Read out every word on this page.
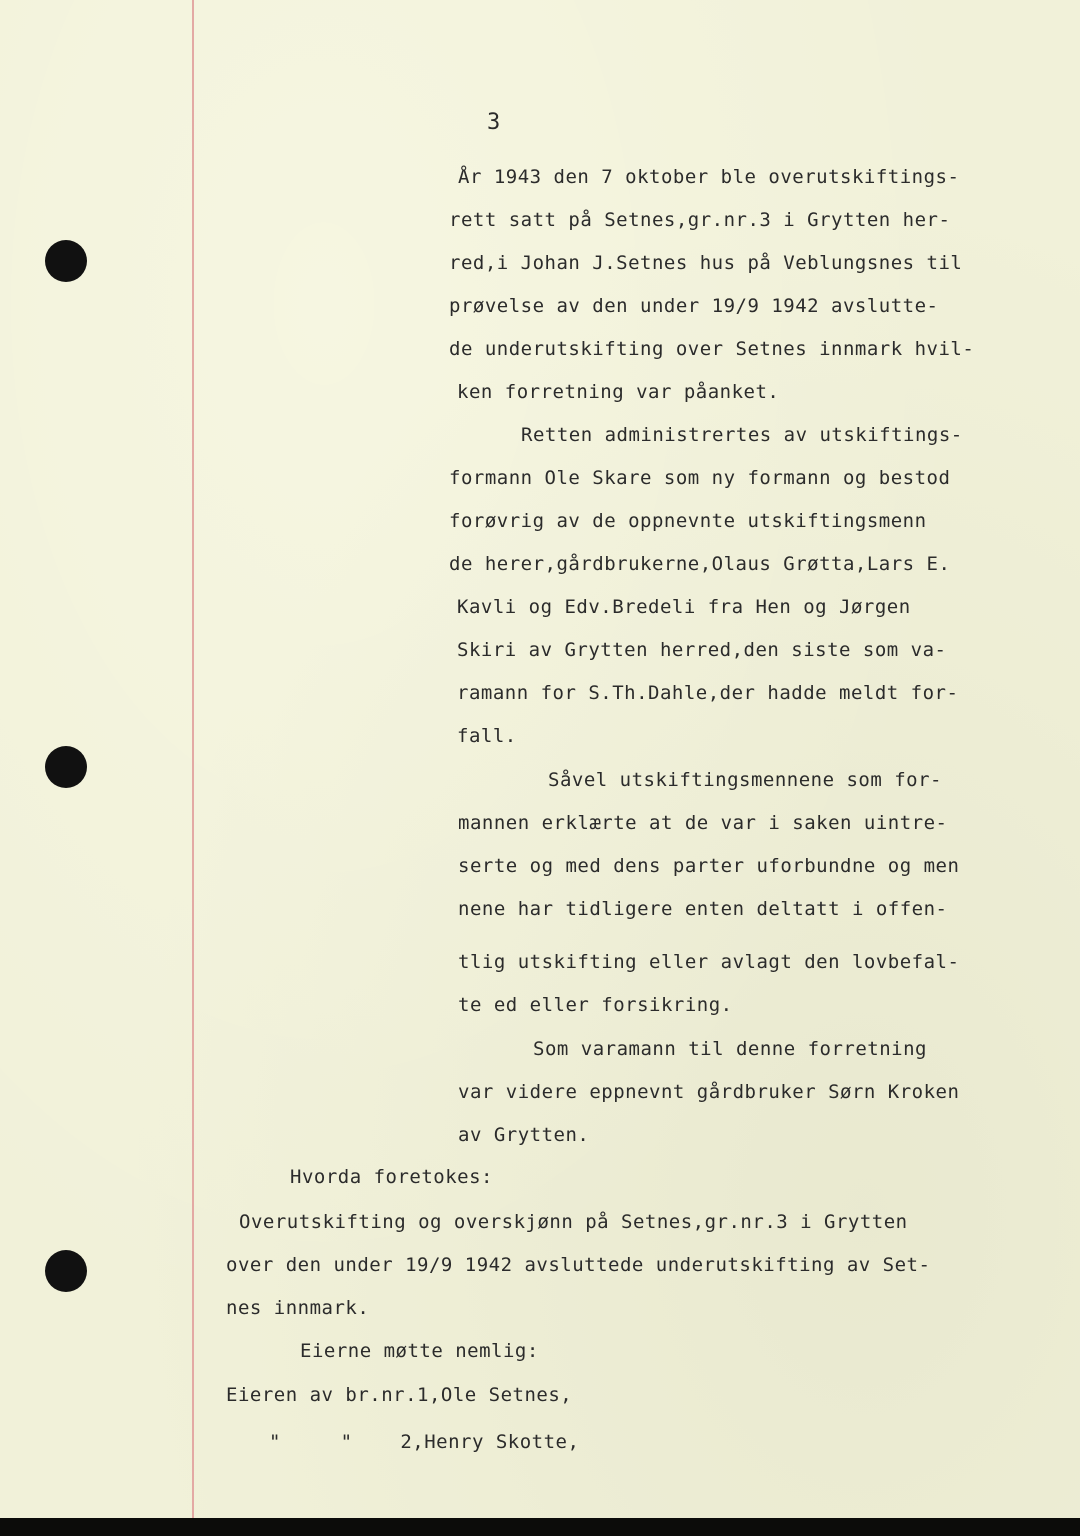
3
År 1943 den 7 oktober ble overutskiftings-
rett satt på Setnes,gr.nr.3 i Grytten her-
red,i Johan J.Setnes hus på Veblungsnes til
prøvelse av den under 19/9 1942 avslutte-
de underutskifting over Setnes innmark hvil-
ken forretning var påanket.
Retten administrertes av utskiftings-
formann Ole Skare som ny formann og bestod
forøvrig av de oppnevnte utskiftingsmenn
de herer,gårdbrukerne,Olaus Grøtta,Lars E.
Kavli og Edv.Bredeli fra Hen og Jørgen
Skiri av Grytten herred,den siste som va-
ramann for S.Th.Dahle,der hadde meldt for-
fall.
Såvel utskiftingsmennene som for-
mannen erklærte at de var i saken uintre-
serte og med dens parter uforbundne og men
nene har tidligere enten deltatt i offen-
tlig utskifting eller avlagt den lovbefal-
te ed eller forsikring.
Som varamann til denne forretning
var videre eppnevnt gårdbruker Sørn Kroken
av Grytten.
Hvorda foretokes:
Overutskifting og overskjønn på Setnes,gr.nr.3 i Grytten
over den under 19/9 1942 avsluttede underutskifting av Set-
nes innmark.
Eierne møtte nemlig:
Eieren av br.nr.1,Ole Setnes,
"     "    2,Henry Skotte,
